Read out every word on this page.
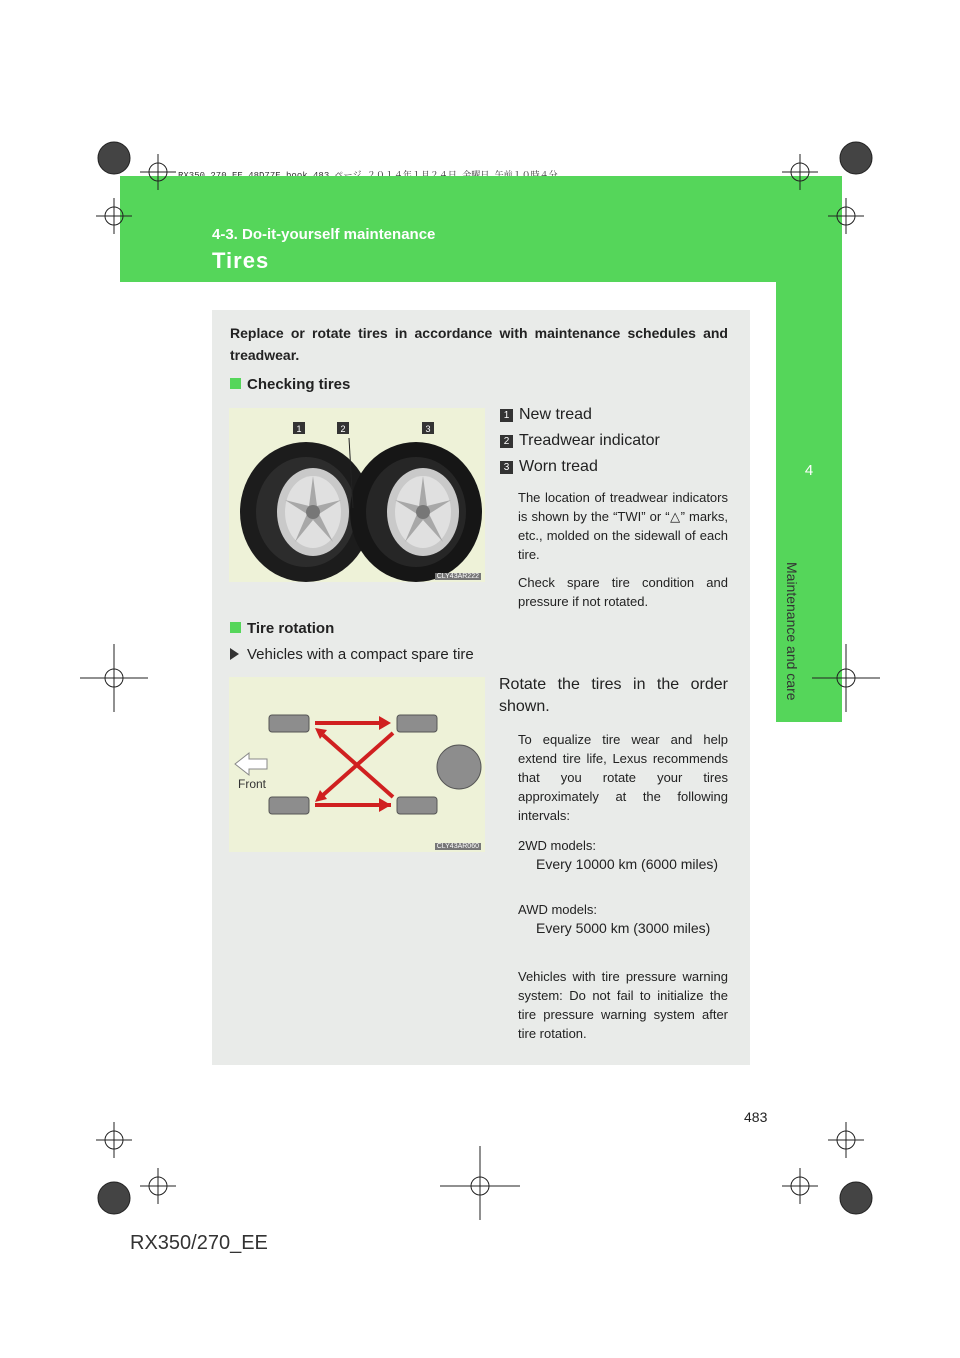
4-3. Do-it-yourself maintenance
Tires
4
Maintenance and care
Replace or rotate tires in accordance with maintenance schedules and treadwear.
Checking tires
1	2	3
CLY43AR222
1 New tread
2 Treadwear indicator
3 Worn tread
The location of treadwear indicators is shown by the “TWI” or “△” marks, etc., molded on the sidewall of each tire.
Check spare tire condition and pressure if not rotated.
Tire rotation
Vehicles with a compact spare tire
Front
CLY43AR060
Rotate the tires in the order shown.
To equalize tire wear and help extend tire life, Lexus recommends that you rotate your tires approximately at the following intervals:
2WD models:
Every 10000 km (6000 miles)
AWD models:
Every 5000 km (3000 miles)
Vehicles with tire pressure warning system: Do not fail to initialize the tire pressure warning system after tire rotation.
483
RX350/270_EE
